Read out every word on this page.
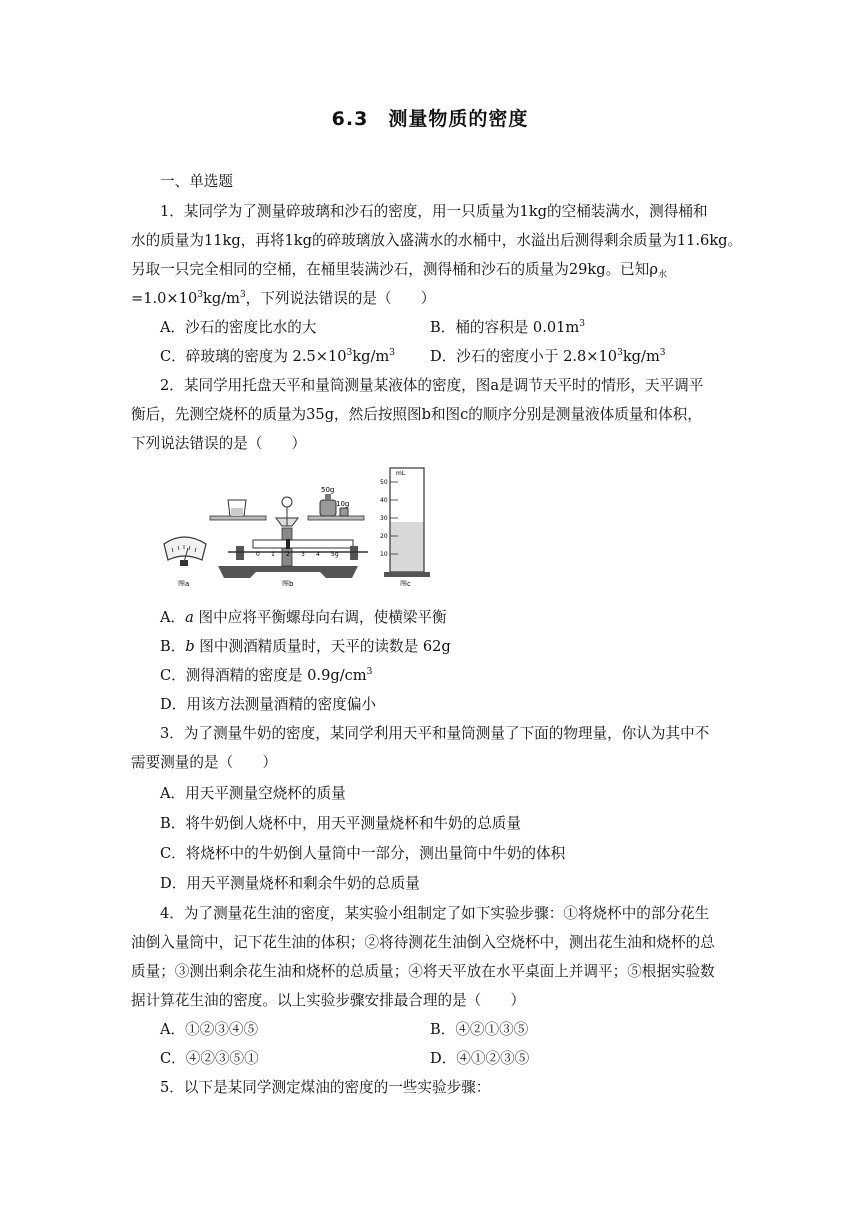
6.3　测量物质的密度
一、单选题
1．某同学为了测量碎玻璃和沙石的密度，用一只质量为1kg的空桶装满水，测得桶和
水的质量为11kg，再将1kg的碎玻璃放入盛满水的水桶中，水溢出后测得剩余质量为11.6kg。
另取一只完全相同的空桶，在桶里装满沙石，测得桶和沙石的质量为29kg。已知$\rho_水$
$=1.0\times 10^3kg/m^3$，下列说法错误的是（　　）
A．沙石的密度比水的大	B．桶的容积是 $0.01m^3$
C．碎玻璃的密度为 $2.5\times 10^3kg/m^3$	D．沙石的密度小于 $2.8\times 10^3kg/m^3$
2．某同学用托盘天平和量筒测量某液体的密度，图a是调节天平时的情形，天平调平
衡后，先测空烧杯的质量为35g，然后按照图b和图c的顺序分别是测量液体质量和体积，
下列说法错误的是（　　）
图a
50g
10g
0 1 2 3 4 5g
图b
mL
50
40
30
20
10
图c
A．a 图中应将平衡螺母向右调，使横梁平衡
B．b 图中测酒精质量时，天平的读数是 62g
C．测得酒精的密度是 $0.9g/cm^3$
D．用该方法测量酒精的密度偏小
3．为了测量牛奶的密度，某同学利用天平和量筒测量了下面的物理量，你认为其中不
需要测量的是（　　）
A．用天平测量空烧杯的质量
B．将牛奶倒人烧杯中，用天平测量烧杯和牛奶的总质量
C．将烧杯中的牛奶倒人量筒中一部分，测出量筒中牛奶的体积
D．用天平测量烧杯和剩余牛奶的总质量
4．为了测量花生油的密度，某实验小组制定了如下实验步骤：①将烧杯中的部分花生
油倒入量筒中，记下花生油的体积；②将待测花生油倒入空烧杯中，测出花生油和烧杯的总
质量；③测出剩余花生油和烧杯的总质量；④将天平放在水平桌面上并调平；⑤根据实验数
据计算花生油的密度。以上实验步骤安排最合理的是（　　）
A．①②③④⑤	B．④②①③⑤
C．④②③⑤①	D．④①②③⑤
5．以下是某同学测定煤油的密度的一些实验步骤：
